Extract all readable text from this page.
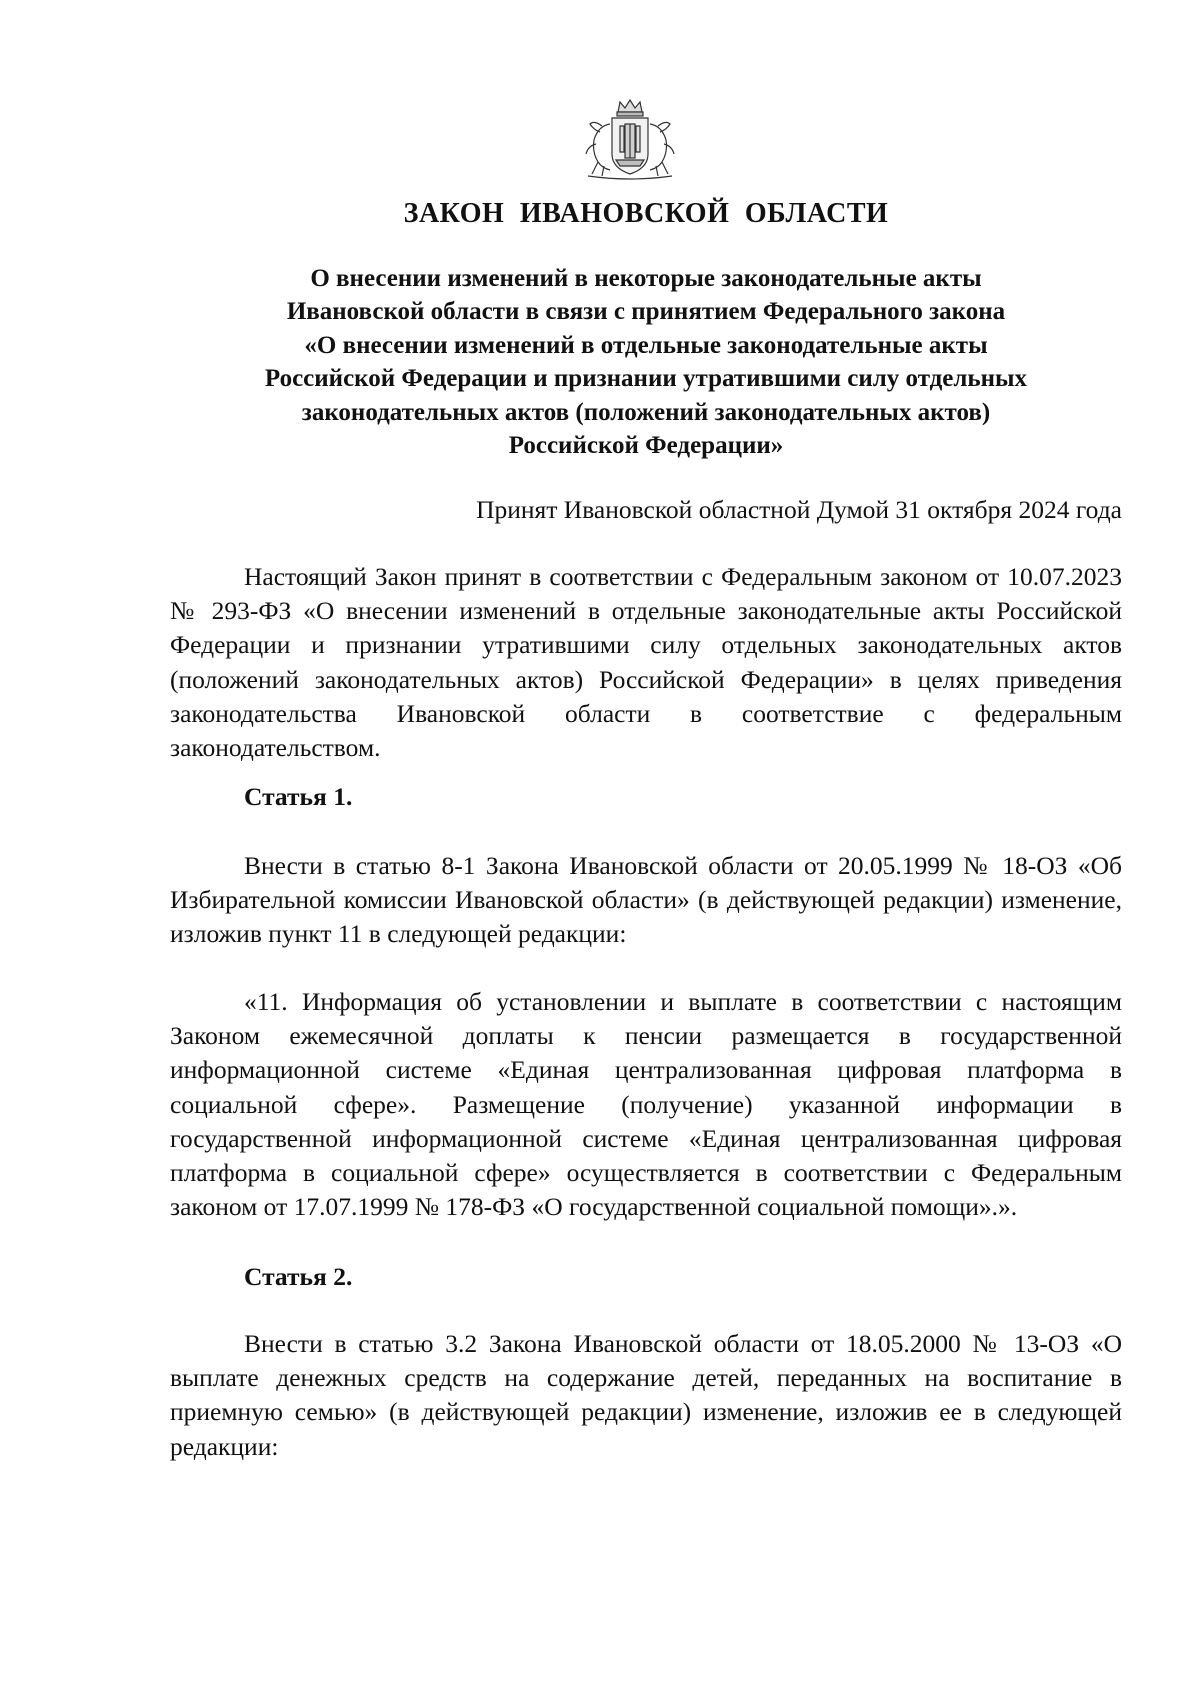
ЗАКОН ИВАНОВСКОЙ ОБЛАСТИ
О внесении изменений в некоторые законодательные акты
Ивановской области в связи с принятием Федерального закона
«О внесении изменений в отдельные законодательные акты
Российской Федерации и признании утратившими силу отдельных
законодательных актов (положений законодательных актов)
Российской Федерации»

Принят Ивановской областной Думой 31 октября 2024 года

Настоящий Закон принят в соответствии с Федеральным законом от 10.07.2023 № 293-ФЗ «О внесении изменений в отдельные законодательные акты Российской Федерации и признании утратившими силу отдельных законодательных актов (положений законодательных актов) Российской Федерации» в целях приведения законодательства Ивановской области в соответствие с федеральным законодательством.

Статья 1.

Внести в статью 8-1 Закона Ивановской области от 20.05.1999 № 18-ОЗ «Об Избирательной комиссии Ивановской области» (в действующей редакции) изменение, изложив пункт 11 в следующей редакции:

«11. Информация об установлении и выплате в соответствии с настоящим Законом ежемесячной доплаты к пенсии размещается в государственной информационной системе «Единая централизованная цифровая платформа в социальной сфере». Размещение (получение) указанной информации в государственной информационной системе «Единая централизованная цифровая платформа в социальной сфере» осуществляется в соответствии с Федеральным законом от 17.07.1999 № 178-ФЗ «О государственной социальной помощи».».

Статья 2.

Внести в статью 3.2 Закона Ивановской области от 18.05.2000 № 13-ОЗ «О выплате денежных средств на содержание детей, переданных на воспитание в приемную семью» (в действующей редакции) изменение, изложив ее в следующей редакции:
